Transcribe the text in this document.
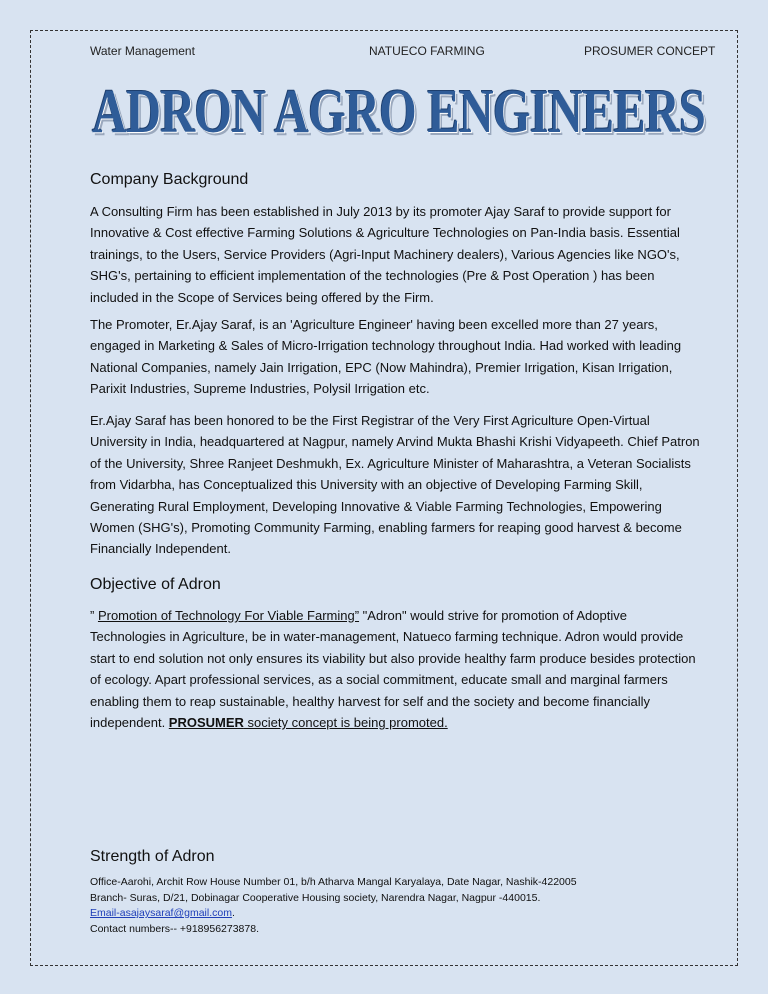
Water Management	NATUECO FARMING	PROSUMER CONCEPT
ADRON AGRO ENGINEERS
Company Background

A Consulting Firm has been established in July 2013 by its promoter Ajay Saraf to provide support for Innovative & Cost effective Farming Solutions & Agriculture Technologies on Pan-India basis. Essential trainings, to the Users, Service Providers (Agri-Input Machinery dealers), Various Agencies like NGO's, SHG's, pertaining to efficient implementation of the technologies (Pre & Post Operation ) has been included in the Scope of Services being offered by the Firm.

The Promoter, Er.Ajay Saraf, is an 'Agriculture Engineer' having been excelled more than 27 years, engaged in Marketing & Sales of Micro-Irrigation technology throughout India. Had worked with leading National Companies, namely Jain Irrigation, EPC (Now Mahindra), Premier Irrigation, Kisan Irrigation, Parixit Industries, Supreme Industries, Polysil Irrigation etc.

Er.Ajay Saraf has been honored to be the First Registrar of the Very First Agriculture Open-Virtual University in India, headquartered at Nagpur, namely Arvind Mukta Bhashi Krishi Vidyapeeth. Chief Patron of the University, Shree Ranjeet Deshmukh, Ex. Agriculture Minister of Maharashtra, a Veteran Socialists from Vidarbha, has Conceptualized this University with an objective of Developing Farming Skill, Generating Rural Employment, Developing Innovative & Viable Farming Technologies, Empowering Women (SHG's), Promoting Community Farming, enabling farmers for reaping good harvest & become Financially Independent.

Objective of Adron

” Promotion of Technology For Viable Farming” "Adron" would strive for promotion of Adoptive Technologies in Agriculture, be in water-management, Natueco farming technique. Adron would provide start to end solution not only ensures its viability but also provide healthy farm produce besides protection of ecology. Apart professional services, as a social commitment, educate small and marginal farmers enabling them to reap sustainable, healthy harvest for self and the society and become financially independent. PROSUMER society concept is being promoted.

Strength of Adron
Office-Aarohi, Archit Row House Number 01, b/h Atharva Mangal Karyalaya, Date Nagar, Nashik-422005
Branch- Suras, D/21, Dobinagar Cooperative Housing society, Narendra Nagar, Nagpur -440015.
Email-asajaysaraf@gmail.com.
Contact numbers-- +918956273878.
